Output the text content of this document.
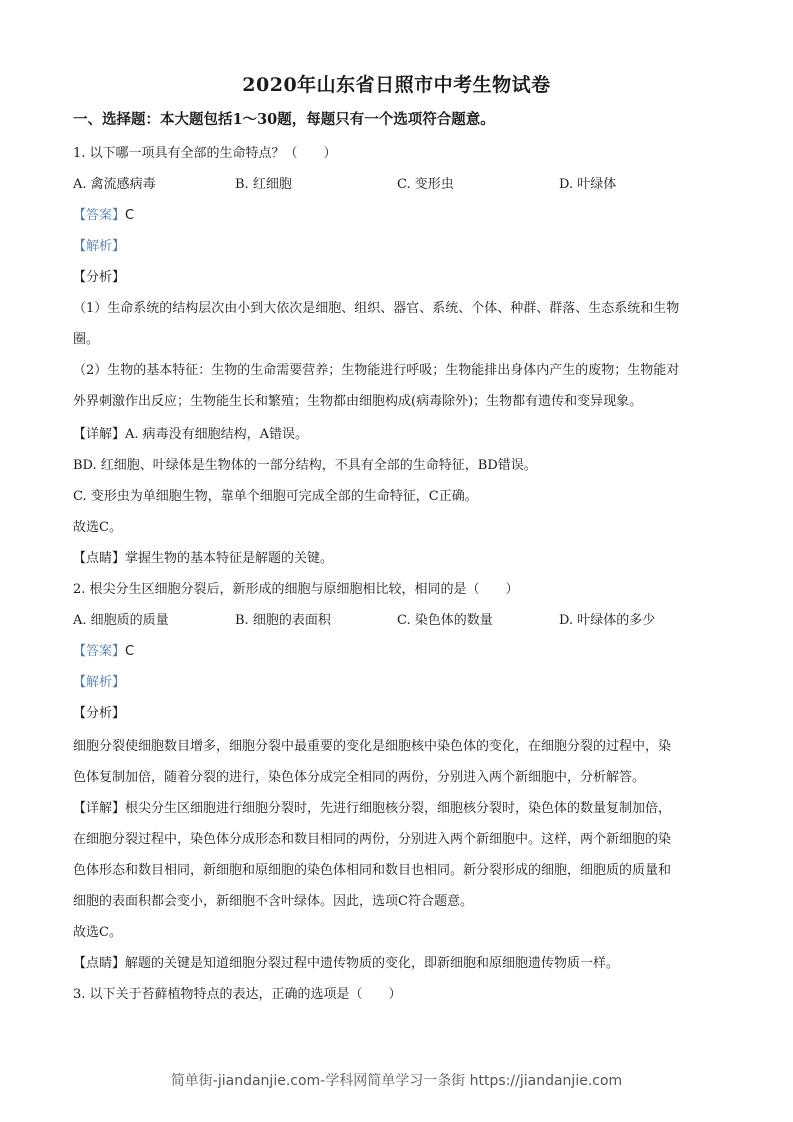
2020年山东省日照市中考生物试卷
一、选择题：本大题包括1～30题，每题只有一个选项符合题意。
1. 以下哪一项具有全部的生命特点？（　　）
A. 禽流感病毒	B. 红细胞	C. 变形虫	D. 叶绿体
【答案】C
【解析】
【分析】
（1）生命系统的结构层次由小到大依次是细胞、组织、器官、系统、个体、种群、群落、生态系统和生物
圈。
（2）生物的基本特征：生物的生命需要营养；生物能进行呼吸；生物能排出身体内产生的废物；生物能对
外界刺激作出反应；生物能生长和繁殖；生物都由细胞构成(病毒除外)；生物都有遗传和变异现象。
【详解】A. 病毒没有细胞结构，A错误。
BD. 红细胞、叶绿体是生物体的一部分结构，不具有全部的生命特征，BD错误。
C. 变形虫为单细胞生物，靠单个细胞可完成全部的生命特征，C正确。
故选C。
【点睛】掌握生物的基本特征是解题的关键。
2. 根尖分生区细胞分裂后，新形成的细胞与原细胞相比较，相同的是（　　）
A. 细胞质的质量	B. 细胞的表面积	C. 染色体的数量	D. 叶绿体的多少
【答案】C
【解析】
【分析】
细胞分裂使细胞数目增多，细胞分裂中最重要的变化是细胞核中染色体的变化，在细胞分裂的过程中，染
色体复制加倍，随着分裂的进行，染色体分成完全相同的两份，分别进入两个新细胞中，分析解答。
【详解】根尖分生区细胞进行细胞分裂时，先进行细胞核分裂，细胞核分裂时，染色体的数量复制加倍，
在细胞分裂过程中，染色体分成形态和数目相同的两份，分别进入两个新细胞中。这样，两个新细胞的染
色体形态和数目相同，新细胞和原细胞的染色体相同和数目也相同。新分裂形成的细胞，细胞质的质量和
细胞的表面积都会变小，新细胞不含叶绿体。因此，选项C符合题意。
故选C。
【点睛】解题的关键是知道细胞分裂过程中遗传物质的变化，即新细胞和原细胞遗传物质一样。
3. 以下关于苔藓植物特点的表达，正确的选项是（　　）
简单街-jiandanjie.com-学科网简单学习一条街 https://jiandanjie.com
